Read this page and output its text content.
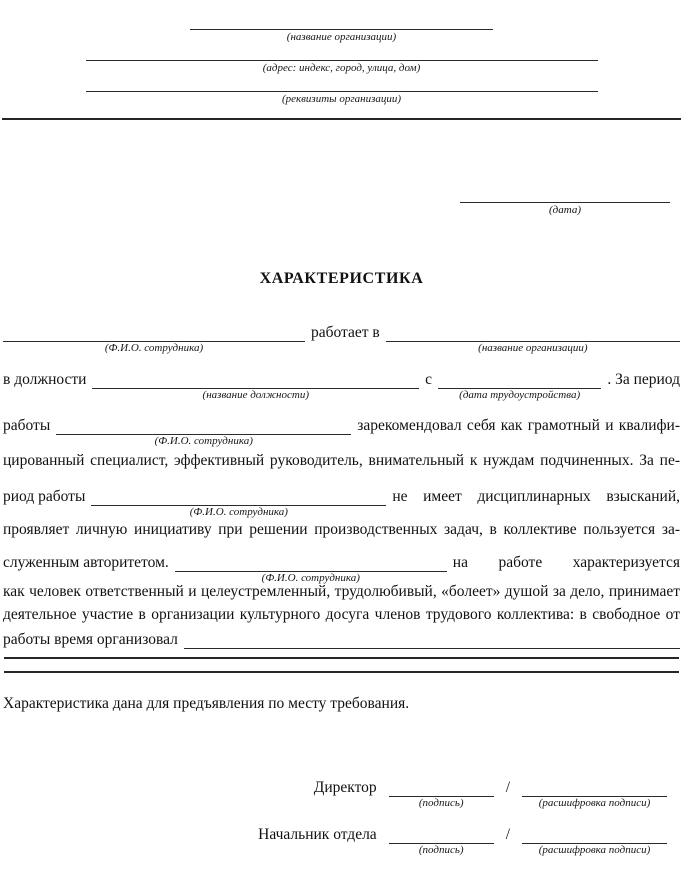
(название организации)
(адрес: индекс, город, улица, дом)
(реквизиты организации)
(дата)
ХАРАКТЕРИСТИКА
(Ф.И.О. сотрудника)
работает в
(название организации)
в должности
(название должности)
с
(дата трудоустройства)
. За период
работы
(Ф.И.О. сотрудника)
зарекомендовал себя как грамотный и квалифи-
цированный специалист, эффективный руководитель, внимательный к нуждам подчиненных. За пе-
риод работы
(Ф.И.О. сотрудника)
не имеет дисциплинарных взысканий,
проявляет личную инициативу при решении производственных задач, в коллективе пользуется за-
служенным авторитетом.
(Ф.И.О. сотрудника)
на работе характеризуется
как человек ответственный и целеустремленный, трудолюбивый, «болеет» душой за дело, принимает
деятельное участие в организации культурного досуга членов трудового коллектива: в свободное от
работы время организовал
Характеристика дана для предъявления по месту требования.
Директор
(подпись)
/
(расшифровка подписи)
Начальник отдела
(подпись)
/
(расшифровка подписи)
